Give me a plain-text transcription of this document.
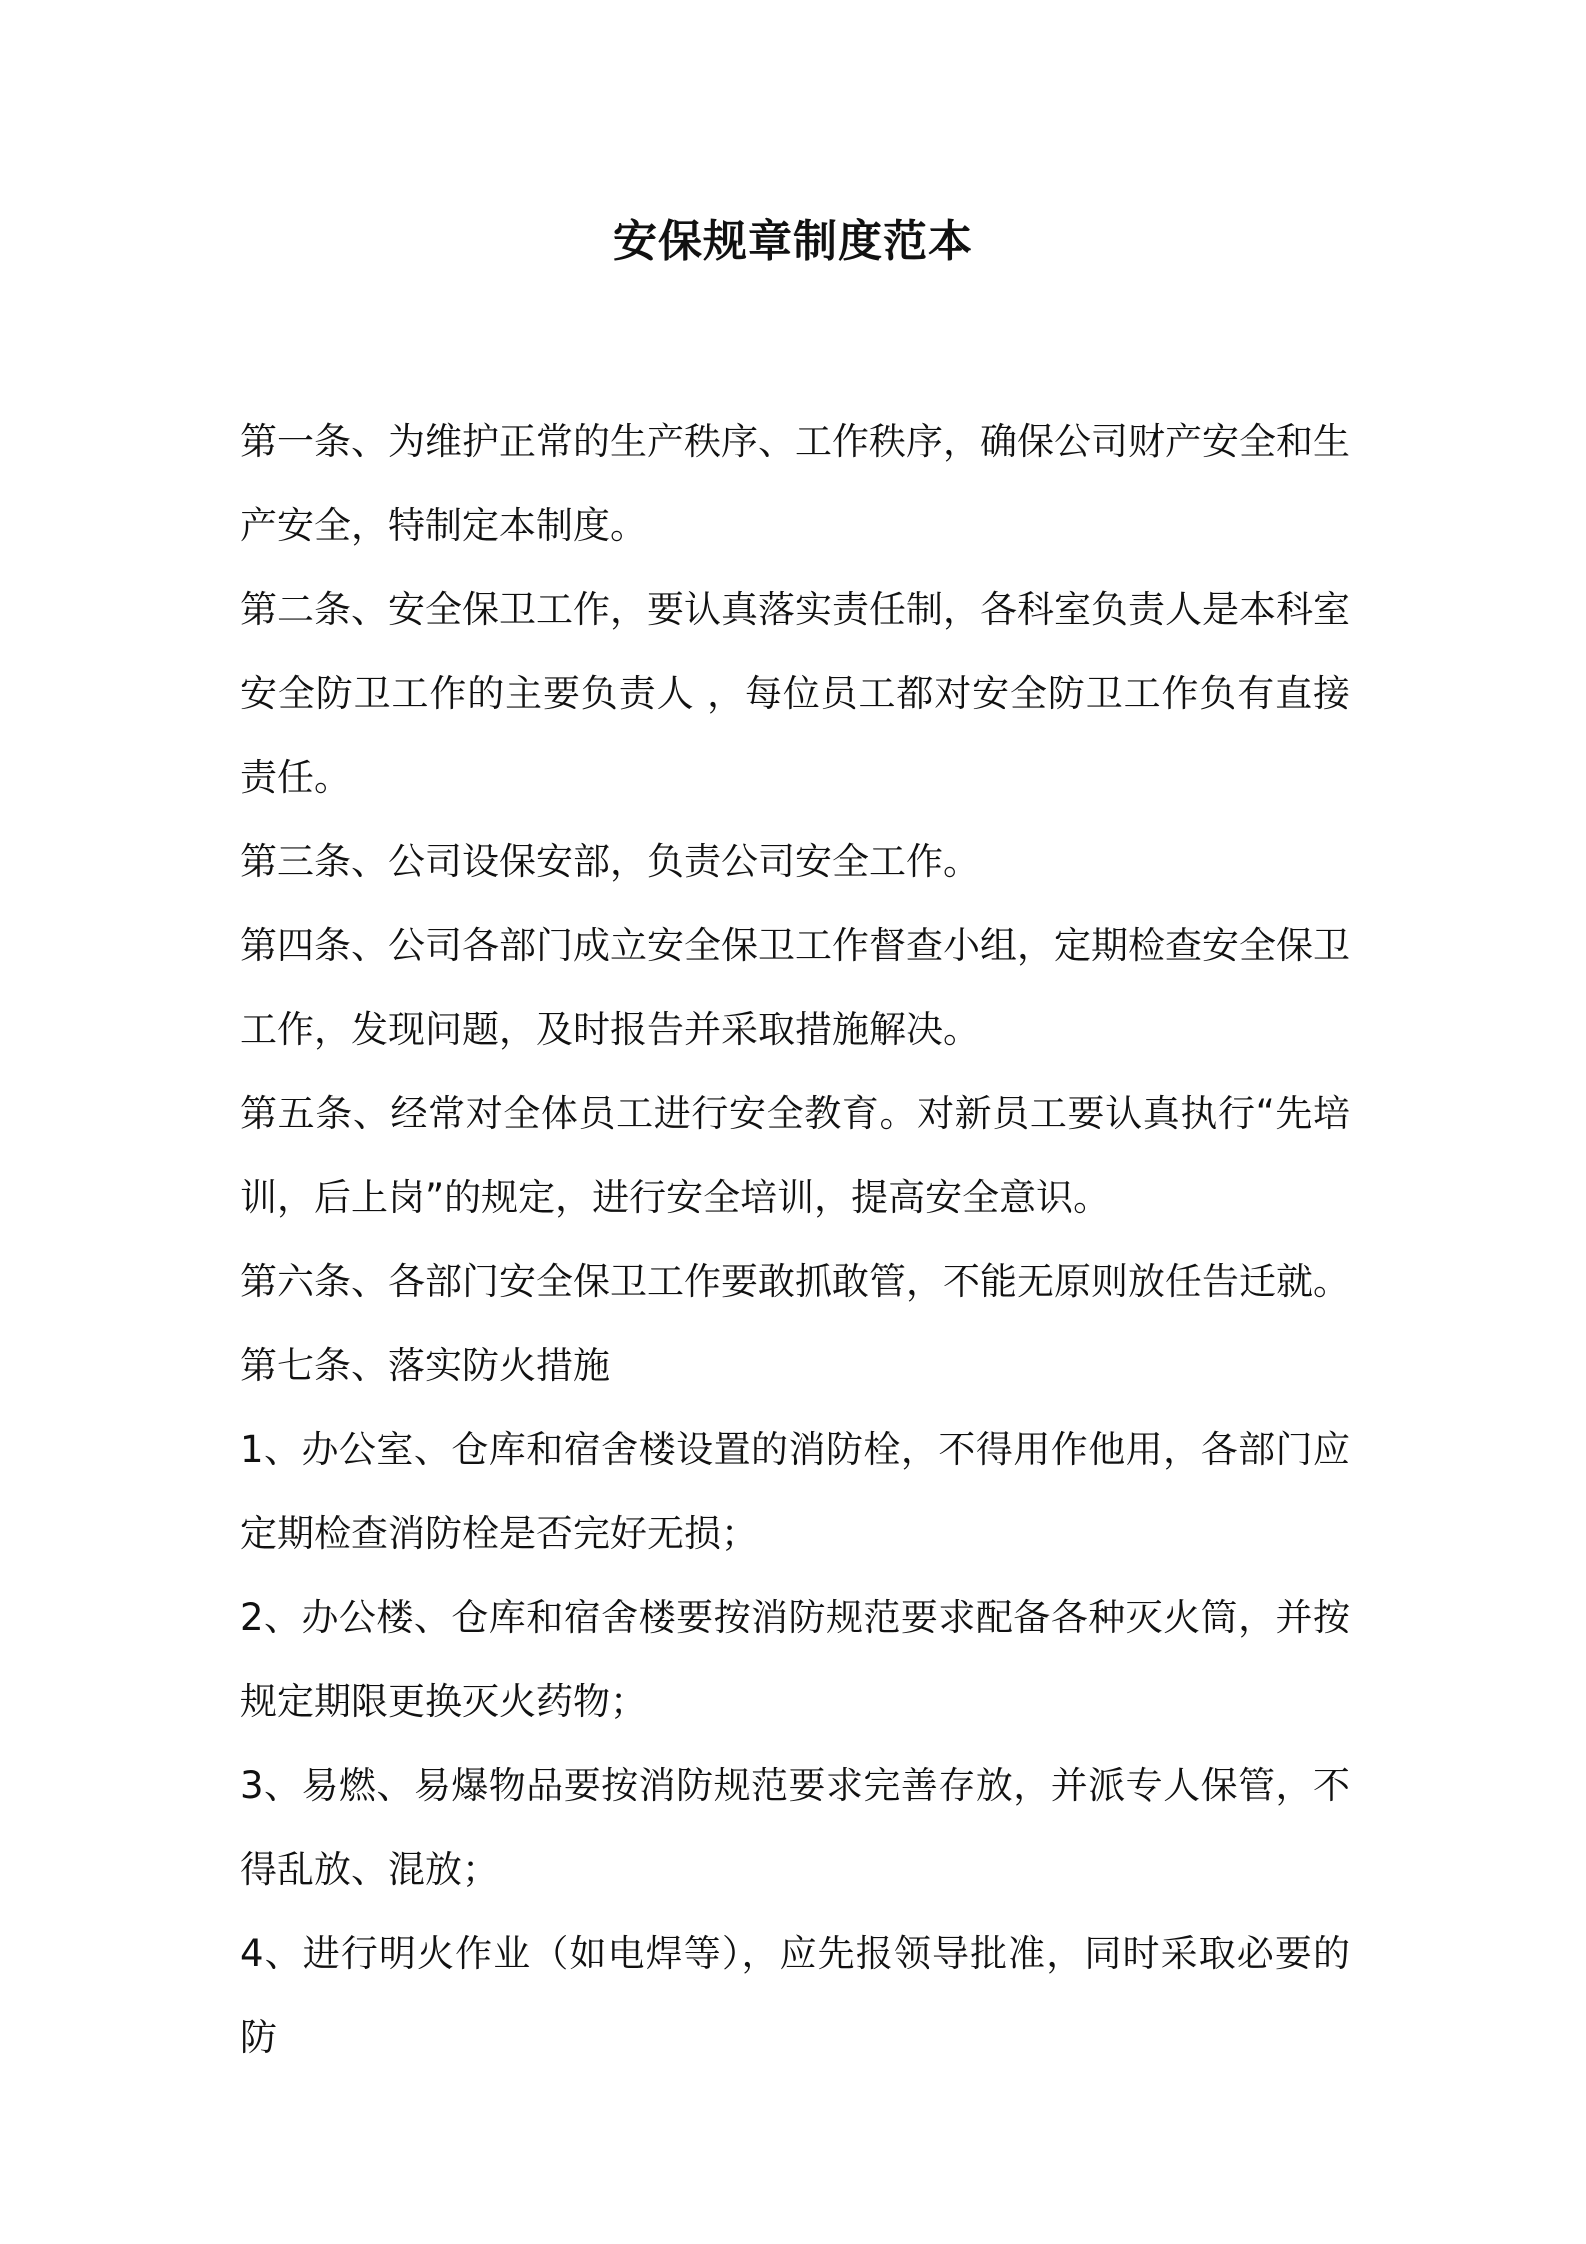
安保规章制度范本

第一条、为维护正常的生产秩序、工作秩序，确保公司财产安全和生产安全，特制定本制度。

第二条、安全保卫工作，要认真落实责任制，各科室负责人是本科室安全防卫工作的主要负责人 ，每位员工都对安全防卫工作负有直接责任。

第三条、公司设保安部，负责公司安全工作。

第四条、公司各部门成立安全保卫工作督查小组，定期检查安全保卫工作，发现问题，及时报告并采取措施解决。

第五条、经常对全体员工进行安全教育。对新员工要认真执行“先培训，后上岗”的规定，进行安全培训，提高安全意识。

第六条、各部门安全保卫工作要敢抓敢管，不能无原则放任告迁就。

第七条、落实防火措施

1、办公室、仓库和宿舍楼设置的消防栓，不得用作他用，各部门应定期检查消防栓是否完好无损；

2、办公楼、仓库和宿舍楼要按消防规范要求配备各种灭火筒，并按规定期限更换灭火药物；

3、易燃、易爆物品要按消防规范要求完善存放，并派专人保管，不得乱放、混放；

4、进行明火作业（如电焊等），应先报领导批准，同时采取必要的防
